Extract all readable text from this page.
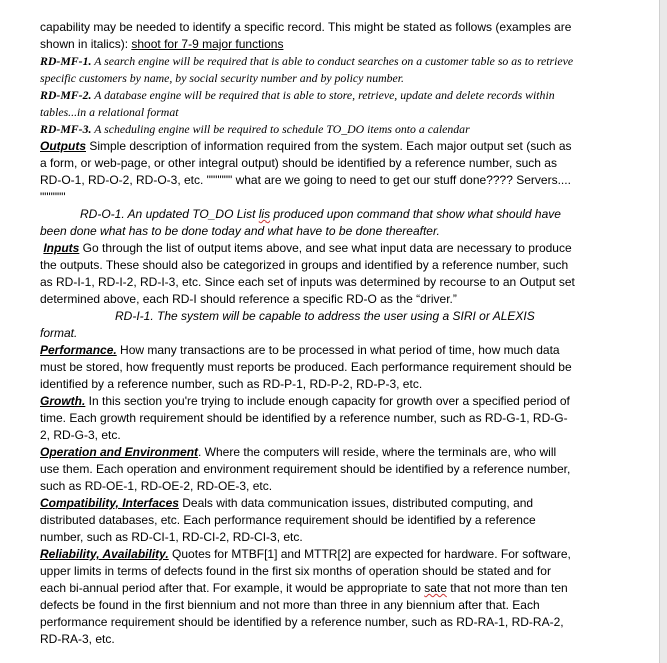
capability may be needed to identify a specific record. This might be stated as follows (examples are shown in italics): shoot for 7-9 major functions

RD-MF-1. A search engine will be required that is able to conduct searches on a customer table so as to retrieve specific customers by name, by social security number and by policy number.

RD-MF-2. A database engine will be required that is able to store, retrieve, update and delete records within tables...in a relational format

RD-MF-3. A scheduling engine will be required to schedule TO_DO items onto a calendar

Outputs Simple description of information required from the system. Each major output set (such as a form, or web-page, or other integral output) should be identified by a reference number, such as RD-O-1, RD-O-2, RD-O-3, etc. """""" what are we going to need to get our stuff done???? Servers.... """"""

RD-O-1. An updated TO_DO List lis produced upon command that show what should have been done what has to be done today and what have to be done thereafter.

Inputs Go through the list of output items above, and see what input data are necessary to produce the outputs. These should also be categorized in groups and identified by a reference number, such as RD-I-1, RD-I-2, RD-I-3, etc. Since each set of inputs was determined by recourse to an Output set determined above, each RD-I should reference a specific RD-O as the “driver.”

RD-I-1. The system will be capable to address the user using a SIRI or ALEXIS format.

Performance. How many transactions are to be processed in what period of time, how much data must be stored, how frequently must reports be produced. Each performance requirement should be identified by a reference number, such as RD-P-1, RD-P-2, RD-P-3, etc.

Growth. In this section you're trying to include enough capacity for growth over a specified period of time. Each growth requirement should be identified by a reference number, such as RD-G-1, RD-G-2, RD-G-3, etc.

Operation and Environment. Where the computers will reside, where the terminals are, who will use them. Each operation and environment requirement should be identified by a reference number, such as RD-OE-1, RD-OE-2, RD-OE-3, etc.

Compatibility, Interfaces Deals with data communication issues, distributed computing, and distributed databases, etc. Each performance requirement should be identified by a reference number, such as RD-CI-1, RD-CI-2, RD-CI-3, etc.

Reliability, Availability. Quotes for MTBF[1] and MTTR[2] are expected for hardware. For software, upper limits in terms of defects found in the first six months of operation should be stated and for each bi-annual period after that. For example, it would be appropriate to sate that not more than ten defects be found in the first biennium and not more than three in any biennium after that. Each performance requirement should be identified by a reference number, such as RD-RA-1, RD-RA-2, RD-RA-3, etc.
